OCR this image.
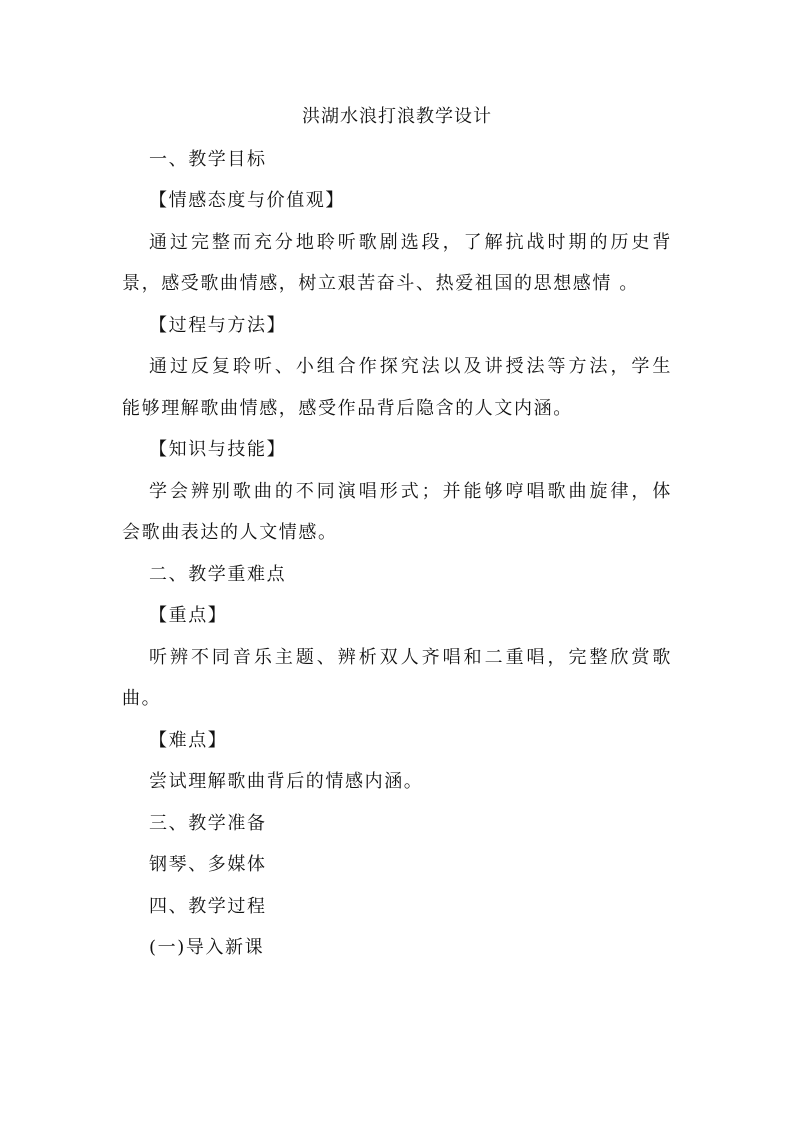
洪湖水浪打浪教学设计
一、教学目标
【情感态度与价值观】
通过完整而充分地聆听歌剧选段，了解抗战时期的历史背
景，感受歌曲情感，树立艰苦奋斗、热爱祖国的思想感情 。
【过程与方法】
通过反复聆听、小组合作探究法以及讲授法等方法，学生
能够理解歌曲情感，感受作品背后隐含的人文内涵。
【知识与技能】
学会辨别歌曲的不同演唱形式；并能够哼唱歌曲旋律，体
会歌曲表达的人文情感。
二、教学重难点
【重点】
听辨不同音乐主题、辨析双人齐唱和二重唱，完整欣赏歌
曲。
【难点】
尝试理解歌曲背后的情感内涵。
三、教学准备
钢琴、多媒体
四、教学过程
(一)导入新课
